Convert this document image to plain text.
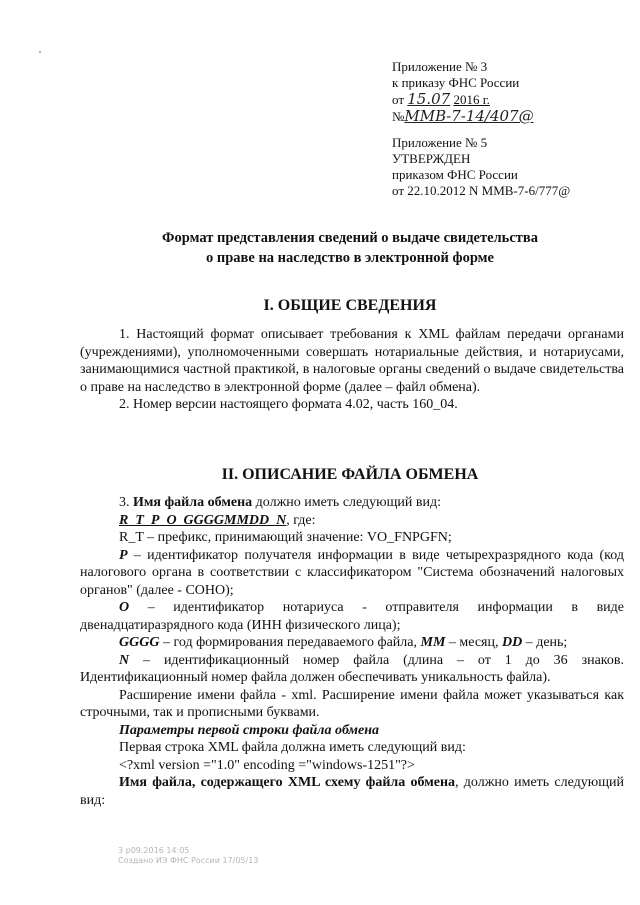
Приложение № 3
к приказу ФНС России
от 15.07 2016 г.
№ММВ-7-14/407@
Приложение № 5
УТВЕРЖДЕН
приказом ФНС России
от 22.10.2012 N ММВ-7-6/777@
Формат представления сведений о выдаче свидетельства
о праве на наследство в электронной форме
I. ОБЩИЕ СВЕДЕНИЯ

1. Настоящий формат описывает требования к XML файлам передачи органами (учреждениями), уполномоченными совершать нотариальные действия, и нотариусами, занимающимися частной практикой, в налоговые органы сведений о выдаче свидетельства о праве на наследство в электронной форме (далее – файл обмена).

2. Номер версии настоящего формата 4.02, часть 160_04.

II. ОПИСАНИЕ ФАЙЛА ОБМЕНА

3. Имя файла обмена должно иметь следующий вид:

R_T_P_O_GGGGMMDD_N, где:

R_T – префикс, принимающий значение: VO_FNPGFN;

P – идентификатор получателя информации в виде четырехразрядного кода (код налогового органа в соответствии с классификатором "Система обозначений налоговых органов" (далее - СОНО);

O – идентификатор нотариуса - отправителя информации в виде двенадцатиразрядного кода (ИНН физического лица);

GGGG – год формирования передаваемого файла, MM – месяц, DD – день;

N – идентификационный номер файла (длина – от 1 до 36 знаков. Идентификационный номер файла должен обеспечивать уникальность файла).

Расширение имени файла - xml. Расширение имени файла может указываться как строчными, так и прописными буквами.

Параметры первой строки файла обмена

Первая строка XML файла должна иметь следующий вид:

<?xml version ="1.0" encoding ="windows-1251"?>

Имя файла, содержащего XML схему файла обмена, должно иметь следующий вид:

3 р09.2016 14:05
Сoздано ИЭ ФНС России 17/05/13
